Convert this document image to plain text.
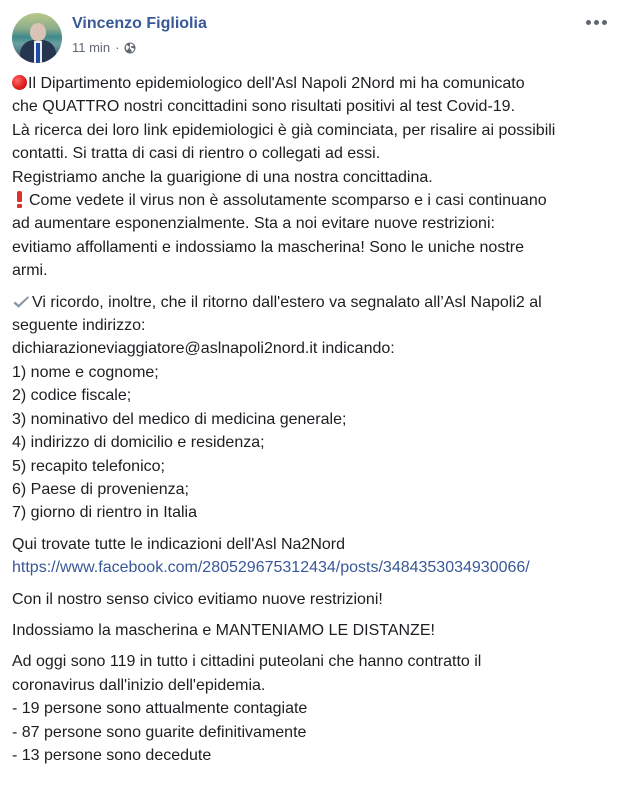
Vincenzo Figliolia
11 min ·

Il Dipartimento epidemiologico dell'Asl Napoli 2Nord mi ha comunicato
che QUATTRO nostri concittadini sono risultati positivi al test Covid-19.
Là ricerca dei loro link epidemiologici è già cominciata, per risalire ai possibili
contatti. Si tratta di casi di rientro o collegati ad essi.
Registriamo anche la guarigione di una nostra concittadina.
Come vedete il virus non è assolutamente scomparso e i casi continuano
ad aumentare esponenzialmente. Sta a noi evitare nuove restrizioni:
evitiamo affollamenti e indossiamo la mascherina! Sono le uniche nostre
armi.

Vi ricordo, inoltre, che il ritorno dall'estero va segnalato all’Asl Napoli2 al
seguente indirizzo:
dichiarazioneviaggiatore@aslnapoli2nord.it indicando:
1) nome e cognome;
2) codice fiscale;
3) nominativo del medico di medicina generale;
4) indirizzo di domicilio e residenza;
5) recapito telefonico;
6) Paese di provenienza;
7) giorno di rientro in Italia

Qui trovate tutte le indicazioni dell'Asl Na2Nord
https://www.facebook.com/280529675312434/posts/3484353034930066/

Con il nostro senso civico evitiamo nuove restrizioni!

Indossiamo la mascherina e MANTENIAMO LE DISTANZE!

Ad oggi sono 119 in tutto i cittadini puteolani che hanno contratto il
coronavirus dall'inizio dell'epidemia.
- 19 persone sono attualmente contagiate
- 87 persone sono guarite definitivamente
- 13 persone sono decedute
